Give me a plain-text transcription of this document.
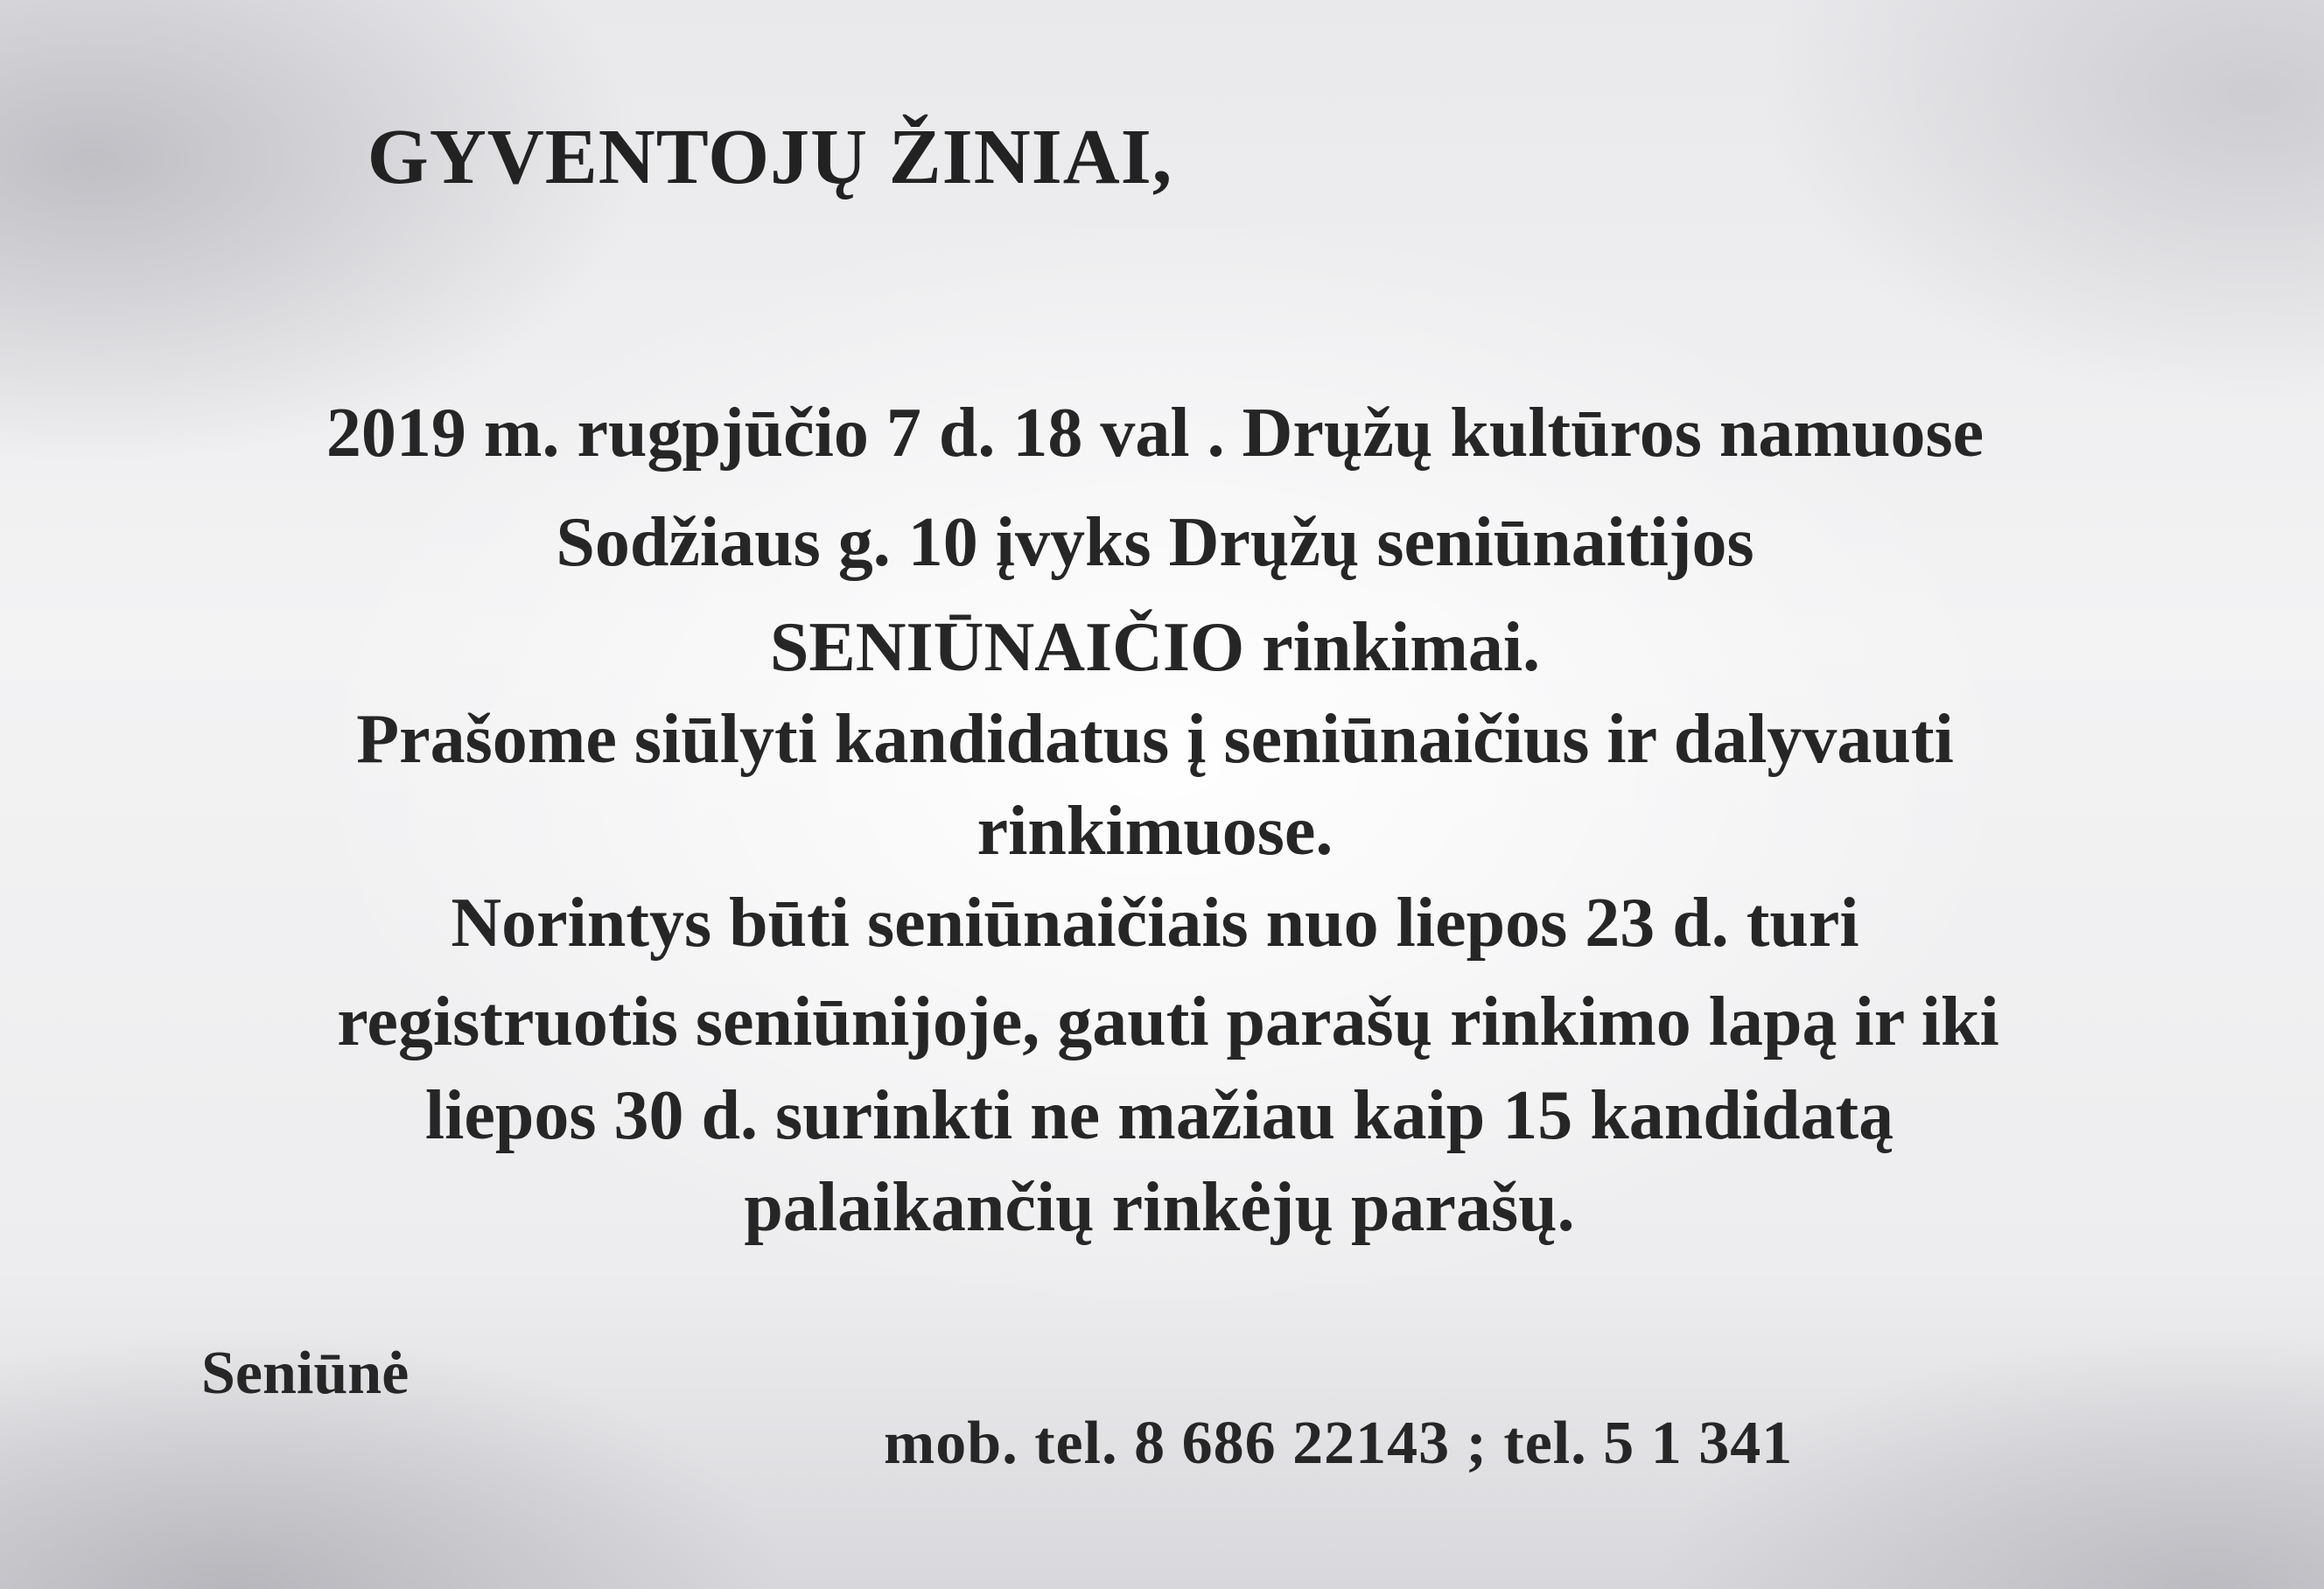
GYVENTOJŲ ŽINIAI,
2019 m. rugpjūčio 7 d. 18 val . Drųžų kultūros namuose
Sodžiaus g. 10 įvyks Drųžų seniūnaitijos
SENIŪNAIČIO rinkimai.
Prašome siūlyti kandidatus į seniūnaičius ir dalyvauti
rinkimuose.
Norintys būti seniūnaičiais nuo liepos 23 d. turi
registruotis seniūnijoje, gauti parašų rinkimo lapą ir iki
liepos 30 d. surinkti ne mažiau kaip 15 kandidatą
palaikančių rinkėjų parašų.
Seniūnė
mob. tel. 8 686 22143 ; tel. 5 1 341
